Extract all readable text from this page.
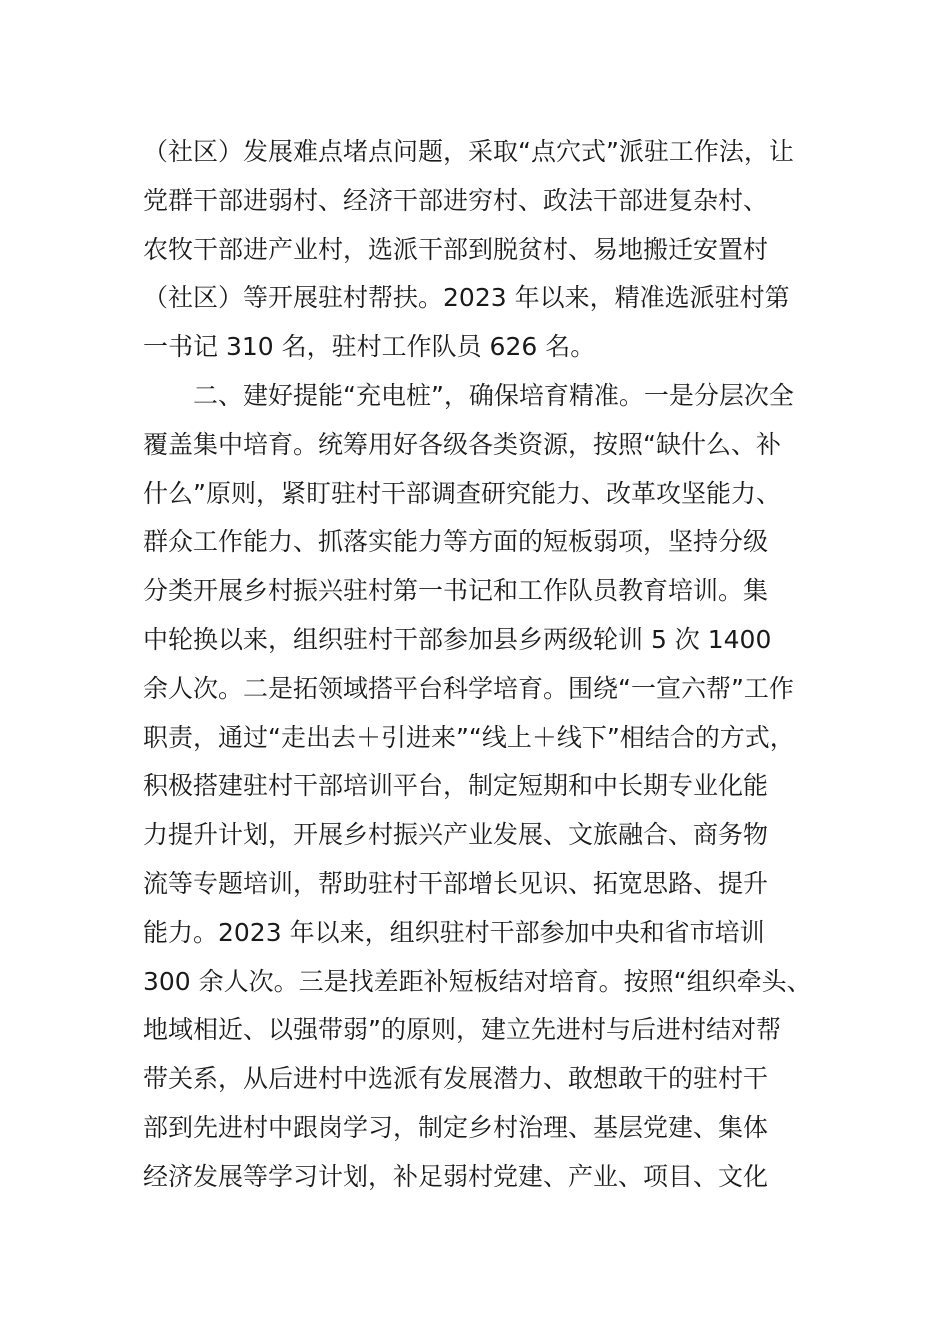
（社区）发展难点堵点问题，采取“点穴式”派驻工作法，让
党群干部进弱村、经济干部进穷村、政法干部进复杂村、
农牧干部进产业村，选派干部到脱贫村、易地搬迁安置村
（社区）等开展驻村帮扶。2023 年以来，精准选派驻村第
一书记 310 名，驻村工作队员 626 名。
　　二、建好提能“充电桩”，确保培育精准。一是分层次全
覆盖集中培育。统筹用好各级各类资源，按照“缺什么、补
什么”原则，紧盯驻村干部调查研究能力、改革攻坚能力、
群众工作能力、抓落实能力等方面的短板弱项，坚持分级
分类开展乡村振兴驻村第一书记和工作队员教育培训。集
中轮换以来，组织驻村干部参加县乡两级轮训 5 次 1400
余人次。二是拓领域搭平台科学培育。围绕“一宣六帮”工作
职责，通过“走出去＋引进来”“线上＋线下”相结合的方式，
积极搭建驻村干部培训平台，制定短期和中长期专业化能
力提升计划，开展乡村振兴产业发展、文旅融合、商务物
流等专题培训，帮助驻村干部增长见识、拓宽思路、提升
能力。2023 年以来，组织驻村干部参加中央和省市培训
300 余人次。三是找差距补短板结对培育。按照“组织牵头、
地域相近、以强带弱”的原则，建立先进村与后进村结对帮
带关系，从后进村中选派有发展潜力、敢想敢干的驻村干
部到先进村中跟岗学习，制定乡村治理、基层党建、集体
经济发展等学习计划，补足弱村党建、产业、项目、文化
